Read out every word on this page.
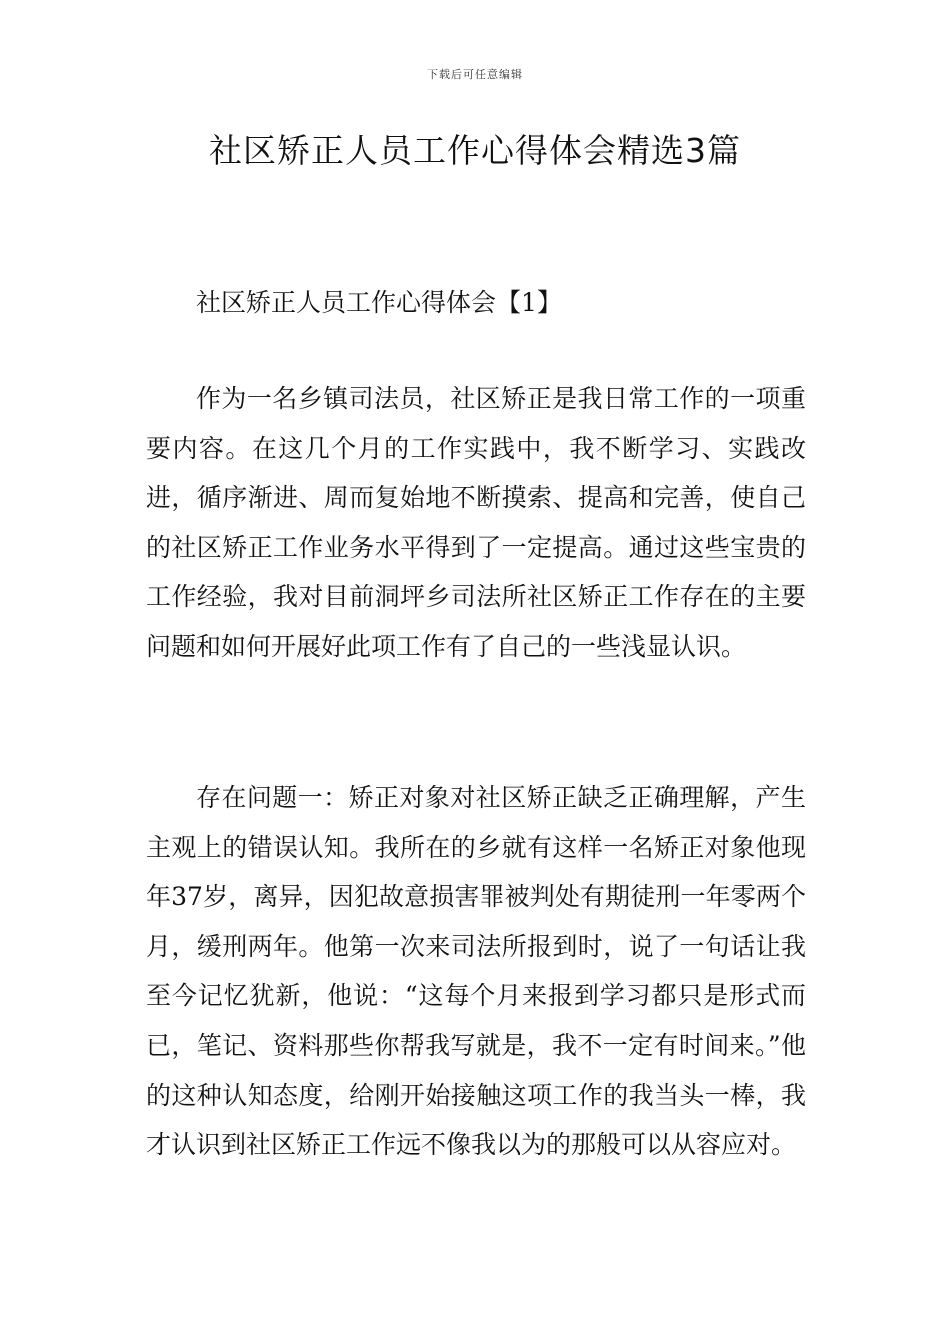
下载后可任意编辑
社区矫正人员工作心得体会精选3篇

社区矫正人员工作心得体会【1】

作为一名乡镇司法员，社区矫正是我日常工作的一项重要内容。在这几个月的工作实践中，我不断学习、实践改进，循序渐进、周而复始地不断摸索、提高和完善，使自己的社区矫正工作业务水平得到了一定提高。通过这些宝贵的工作经验，我对目前洞坪乡司法所社区矫正工作存在的主要问题和如何开展好此项工作有了自己的一些浅显认识。

存在问题一：矫正对象对社区矫正缺乏正确理解，产生主观上的错误认知。我所在的乡就有这样一名矫正对象他现年37岁，离异，因犯故意损害罪被判处有期徒刑一年零两个月，缓刑两年。他第一次来司法所报到时，说了一句话让我至今记忆犹新，他说：“这每个月来报到学习都只是形式而已，笔记、资料那些你帮我写就是，我不一定有时间来。”他的这种认知态度，给刚开始接触这项工作的我当头一棒，我才认识到社区矫正工作远不像我以为的那般可以从容应对。
